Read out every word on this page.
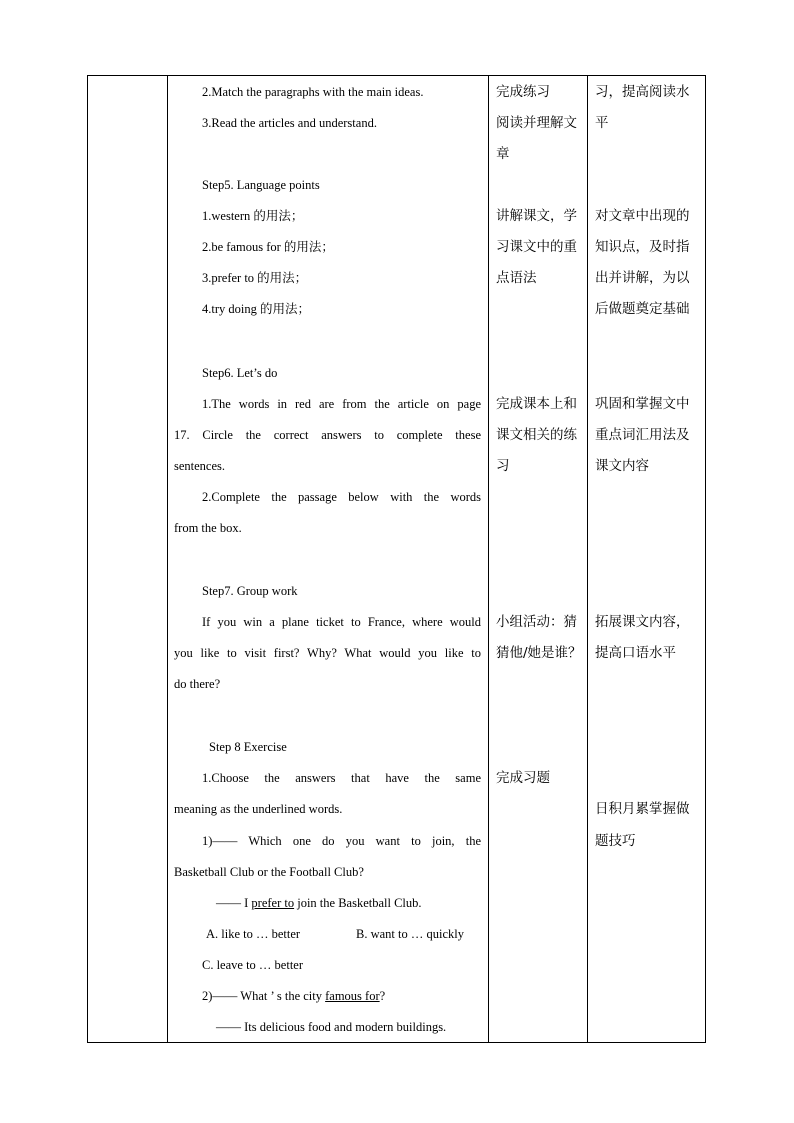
2.Match the paragraphs with the main ideas.
3.Read the articles and understand.
Step5. Language points
1.western 的用法；
2.be famous for 的用法；
3.prefer to 的用法；
4.try doing 的用法；
Step6. Let’s do
1.The words in red are from the article on page
17. Circle the correct answers to complete these
sentences.
2.Complete the passage below with the words
from the box.
Step7. Group work
If you win a plane ticket to France, where would
you like to visit first? Why? What would you like to
do there?
Step 8 Exercise
1.Choose the answers that have the same
meaning as the underlined words.
1)—— Which one do you want to join, the
Basketball Club or the Football Club?
—— I prefer to join the Basketball Club.
A. like to … better	B. want to … quickly
C. leave to … better
2)—— What ’ s the city famous for?
—— Its delicious food and modern buildings.
完成练习
阅读并理解文
章
讲解课文，学
习课文中的重
点语法
完成课本上和
课文相关的练
习
小组活动：猜
猜他/她是谁？
完成习题
习，提高阅读水
平
对文章中出现的
知识点，及时指
出并讲解，为以
后做题奠定基础
巩固和掌握文中
重点词汇用法及
课文内容
拓展课文内容，
提高口语水平
日积月累掌握做
题技巧
